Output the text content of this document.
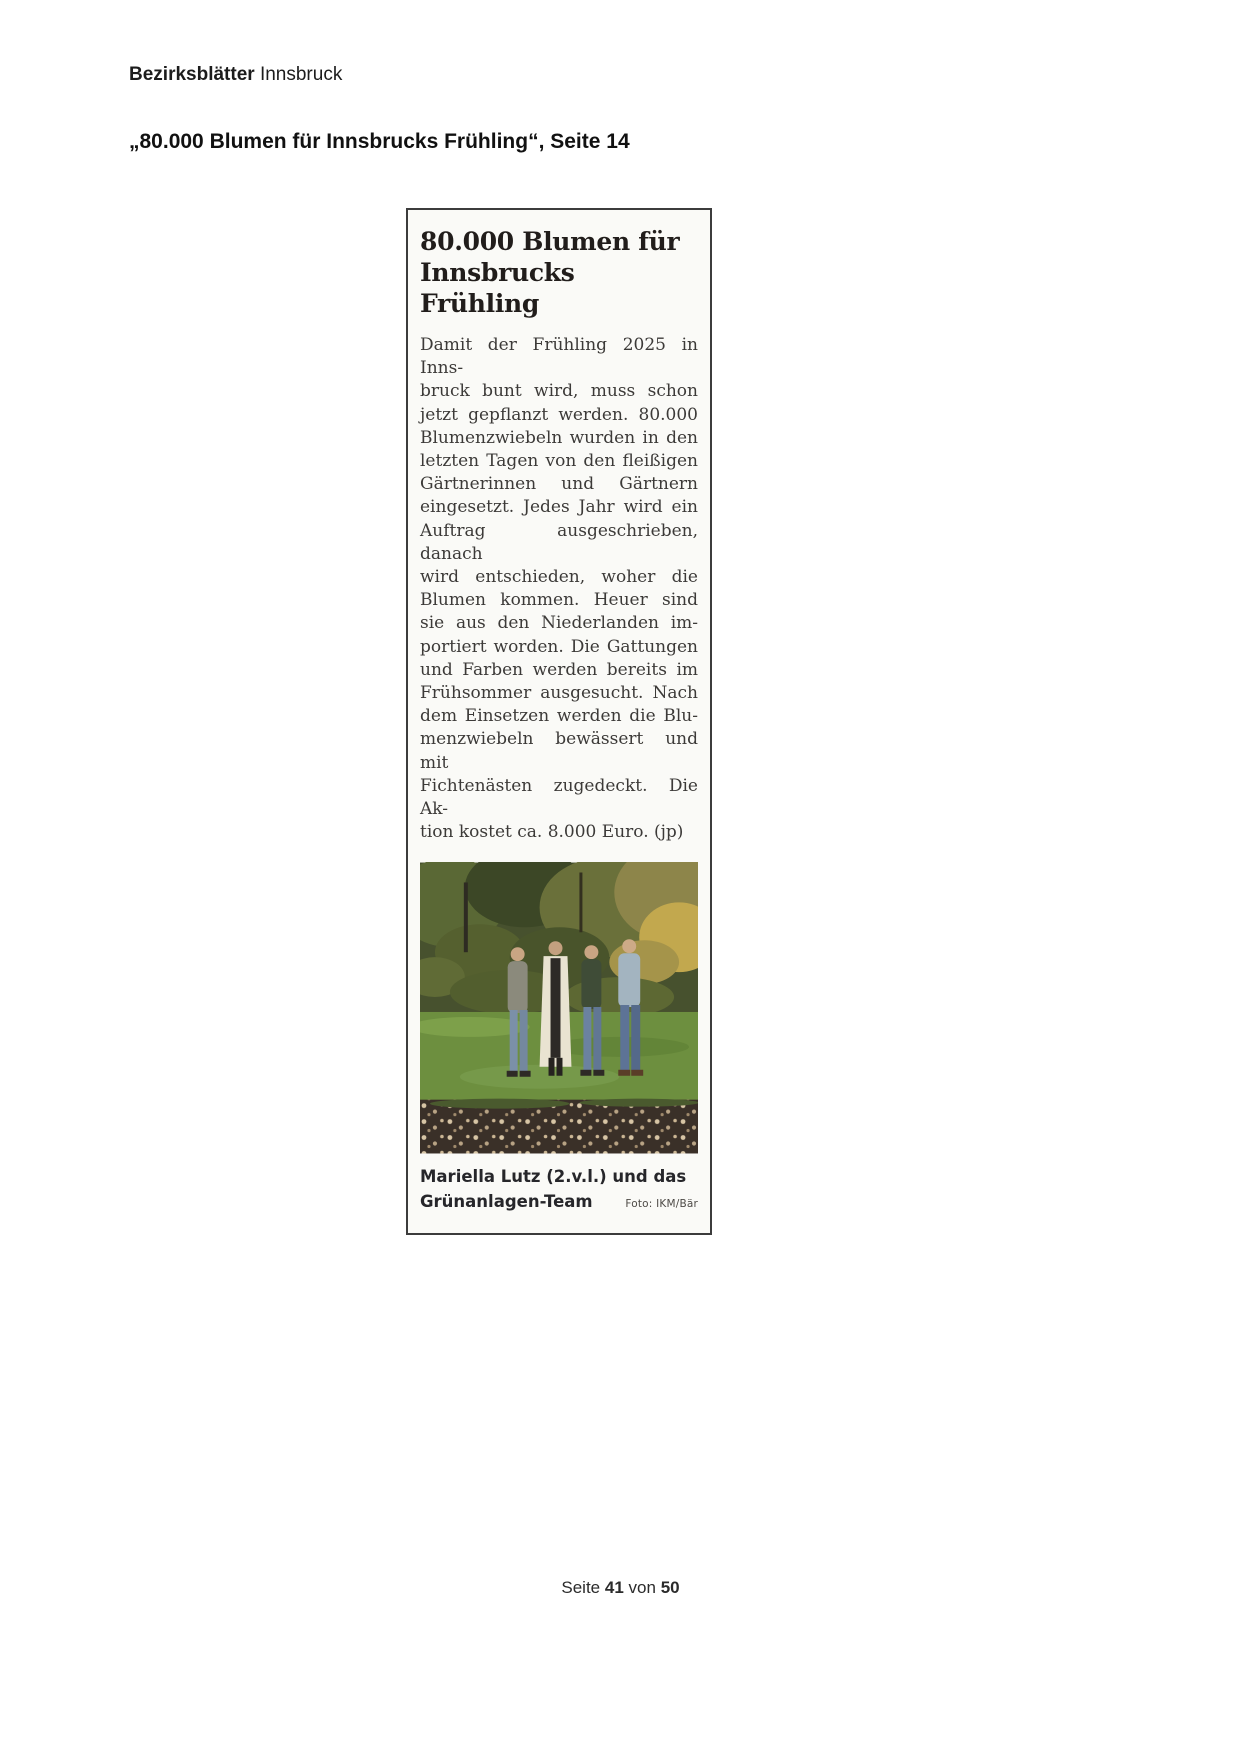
Bezirksblätter Innsbruck
„80.000 Blumen für Innsbrucks Frühling“, Seite 14
80.000 Blumen für
Innsbrucks Frühling
Damit der Frühling 2025 in Inns-
bruck bunt wird, muss schon
jetzt gepflanzt werden. 80.000
Blumenzwiebeln wurden in den
letzten Tagen von den fleißigen
Gärtnerinnen und Gärtnern
eingesetzt. Jedes Jahr wird ein
Auftrag ausgeschrieben, danach
wird entschieden, woher die
Blumen kommen. Heuer sind
sie aus den Niederlanden im-
portiert worden. Die Gattungen
und Farben werden bereits im
Frühsommer ausgesucht. Nach
dem Einsetzen werden die Blu-
menzwiebeln bewässert und mit
Fichtenästen zugedeckt. Die Ak-
tion kostet ca. 8.000 Euro. (jp)
Mariella Lutz (2.v.l.) und das
Grünanlagen-Team	Foto: IKM/Bär
Seite 41 von 50
